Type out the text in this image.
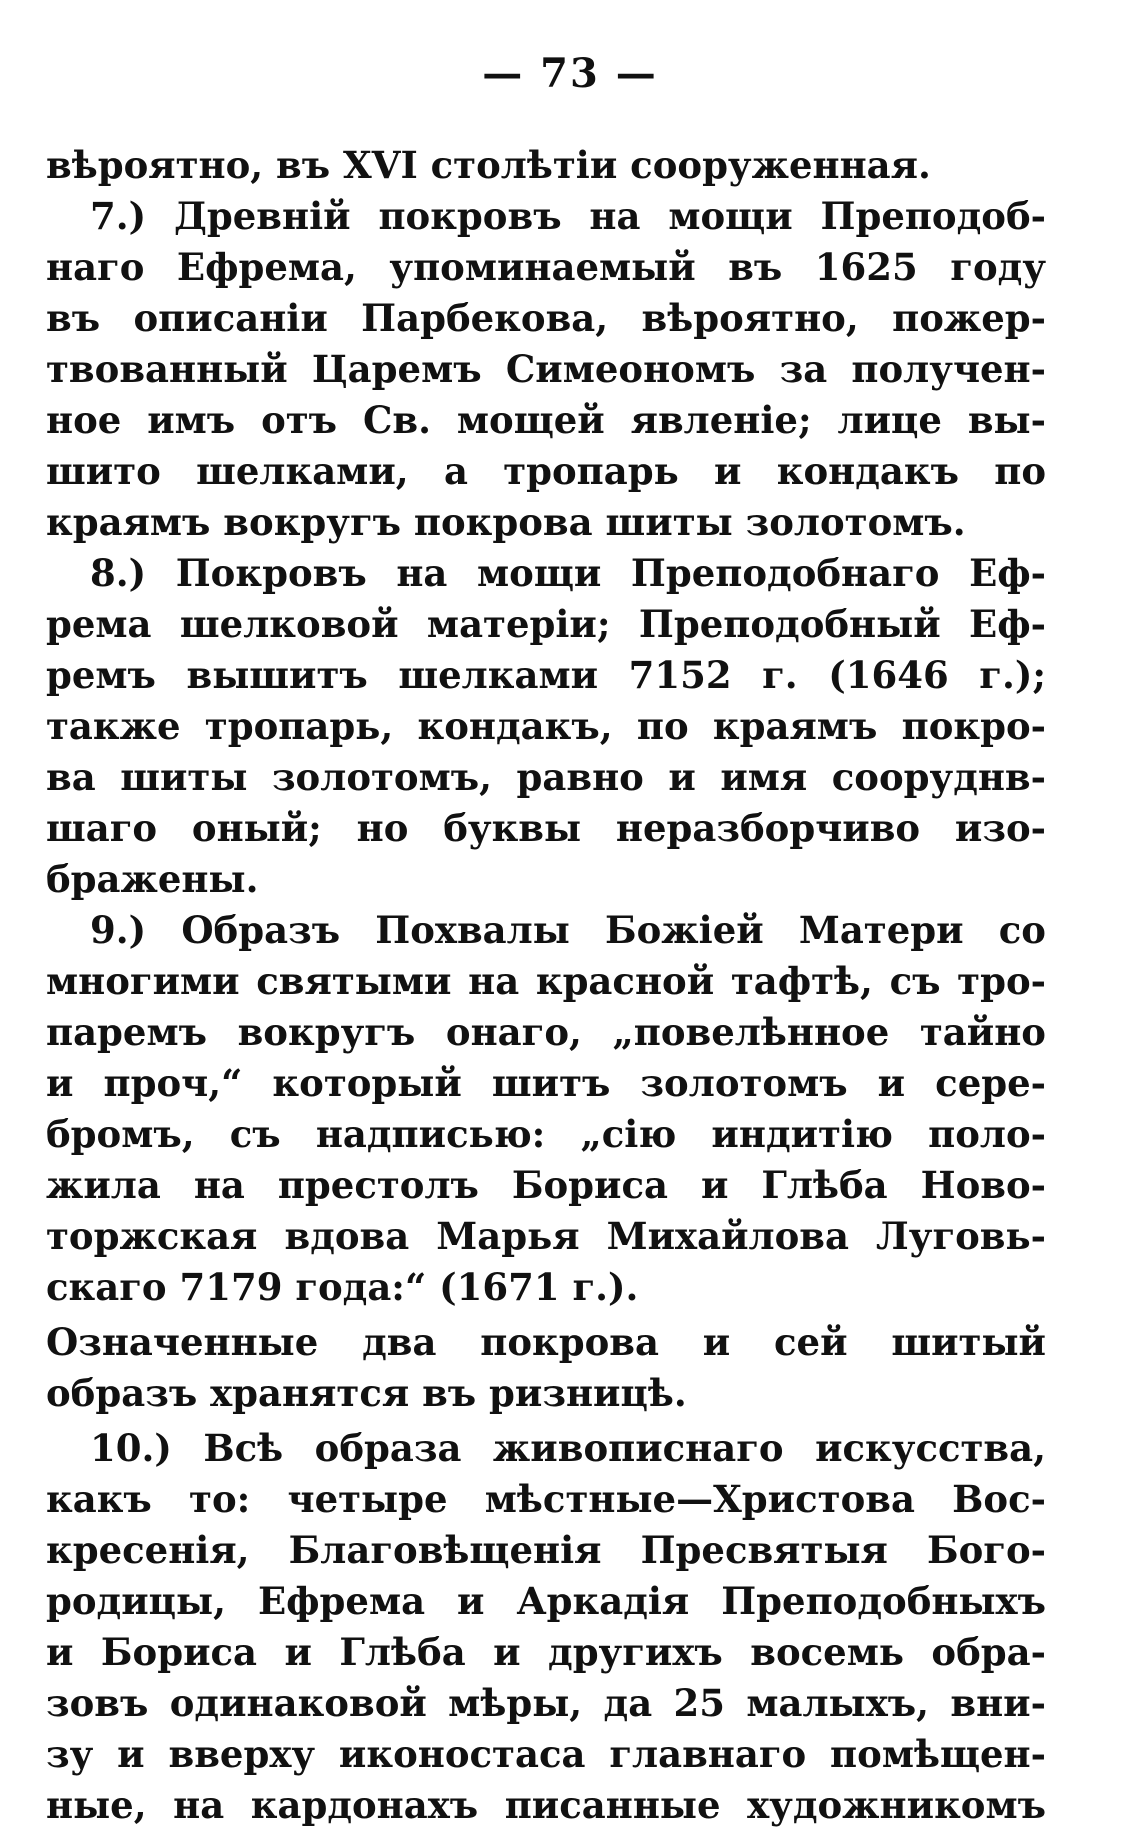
— 73 —
вѣроятно, въ XVI столѣтіи сооруженная.
7.) Древній покровъ на мощи Преподоб-
наго Ефрема, упоминаемый въ 1625 году
въ описаніи Парбекова, вѣроятно, пожер-
твованный Царемъ Симеономъ за получен-
ное имъ отъ Св. мощей явленіе; лице вы-
шито шелками, а тропарь и кондакъ по
краямъ вокругъ покрова шиты золотомъ.
8.) Покровъ на мощи Преподобнаго Еф-
рема шелковой матеріи; Преподобный Еф-
ремъ вышитъ шелками 7152 г. (1646 г.);
также тропарь, кондакъ, по краямъ покро-
ва шиты золотомъ, равно и имя сооруднв-
шаго оный; но буквы неразборчиво изо-
бражены.
9.) Образъ Похвалы Божіей Матери со
многими святыми на красной тафтѣ, съ тро-
паремъ вокругъ онаго, „повелѣнное тайно
и проч,“ который шитъ золотомъ и сере-
бромъ, съ надписью: „сію индитію поло-
жила на престолъ Бориса и Глѣба Ново-
торжская вдова Марья Михайлова Луговь-
скаго 7179 года:“ (1671 г.).
Означенные два покрова и сей шитый
образъ хранятся въ ризницѣ.
10.) Всѣ образа живописнаго искусства,
какъ то: четыре мѣстные—Христова Вос-
кресенія, Благовѣщенія Пресвятыя Бого-
родицы, Ефрема и Аркадія Преподобныхъ
и Бориса и Глѣба и другихъ восемь обра-
зовъ одинаковой мѣры, да 25 малыхъ, вни-
зу и вверху иконостаса главнаго помѣщен-
ные, на кардонахъ писанные художникомъ
